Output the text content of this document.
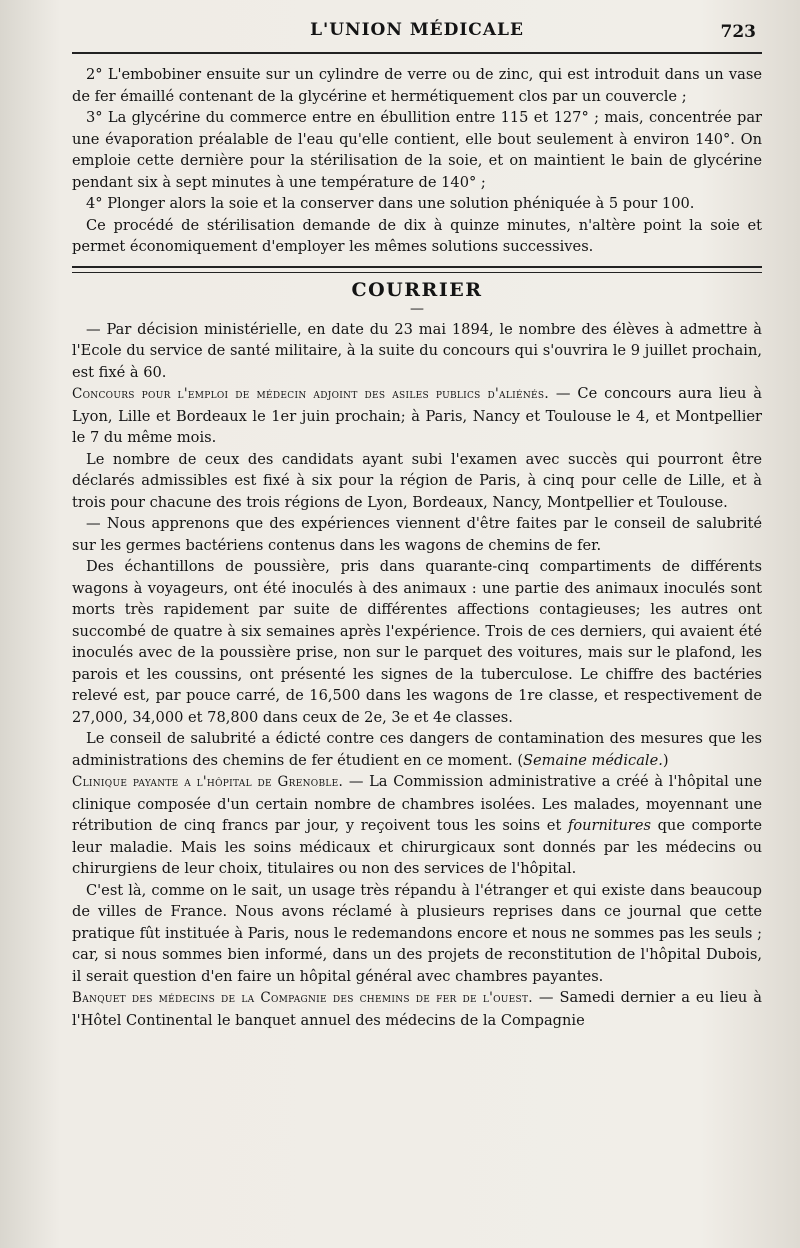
L'UNION MÉDICALE	723

2° L'embobiner ensuite sur un cylindre de verre ou de zinc, qui est introduit dans un vase de fer émaillé contenant de la glycérine et hermétiquement clos par un couvercle ;

3° La glycérine du commerce entre en ébullition entre 115 et 127° ; mais, concentrée par une évaporation préalable de l'eau qu'elle contient, elle bout seulement à environ 140°. On emploie cette dernière pour la stérilisation de la soie, et on maintient le bain de glycérine pendant six à sept minutes à une température de 140° ;

4° Plonger alors la soie et la conserver dans une solution phéniquée à 5 pour 100.

Ce procédé de stérilisation demande de dix à quinze minutes, n'altère point la soie et permet économiquement d'employer les mêmes solutions successives.

COURRIER
—

— Par décision ministérielle, en date du 23 mai 1894, le nombre des élèves à admettre à l'Ecole du service de santé militaire, à la suite du concours qui s'ouvrira le 9 juillet prochain, est fixé à 60.

Concours pour l'emploi de médecin adjoint des asiles publics d'aliénés. — Ce concours aura lieu à Lyon, Lille et Bordeaux le 1er juin prochain; à Paris, Nancy et Toulouse le 4, et Montpellier le 7 du même mois.

Le nombre de ceux des candidats ayant subi l'examen avec succès qui pourront être déclarés admissibles est fixé à six pour la région de Paris, à cinq pour celle de Lille, et à trois pour chacune des trois régions de Lyon, Bordeaux, Nancy, Montpellier et Toulouse.

— Nous apprenons que des expériences viennent d'être faites par le conseil de salubrité sur les germes bactériens contenus dans les wagons de chemins de fer.

Des échantillons de poussière, pris dans quarante-cinq compartiments de différents wagons à voyageurs, ont été inoculés à des animaux : une partie des animaux inoculés sont morts très rapidement par suite de différentes affections contagieuses; les autres ont succombé de quatre à six semaines après l'expérience. Trois de ces derniers, qui avaient été inoculés avec de la poussière prise, non sur le parquet des voitures, mais sur le plafond, les parois et les coussins, ont présenté les signes de la tuberculose. Le chiffre des bactéries relevé est, par pouce carré, de 16,500 dans les wagons de 1re classe, et respectivement de 27,000, 34,000 et 78,800 dans ceux de 2e, 3e et 4e classes.

Le conseil de salubrité a édicté contre ces dangers de contamination des mesures que les administrations des chemins de fer étudient en ce moment. (Semaine médicale.)

Clinique payante a l'hôpital de Grenoble. — La Commission administrative a créé à l'hôpital une clinique composée d'un certain nombre de chambres isolées. Les malades, moyennant une rétribution de cinq francs par jour, y reçoivent tous les soins et fournitures que comporte leur maladie. Mais les soins médicaux et chirurgicaux sont donnés par les médecins ou chirurgiens de leur choix, titulaires ou non des services de l'hôpital.

C'est là, comme on le sait, un usage très répandu à l'étranger et qui existe dans beaucoup de villes de France. Nous avons réclamé à plusieurs reprises dans ce journal que cette pratique fût instituée à Paris, nous le redemandons encore et nous ne sommes pas les seuls ; car, si nous sommes bien informé, dans un des projets de reconstitution de l'hôpital Dubois, il serait question d'en faire un hôpital général avec chambres payantes.

Banquet des médecins de la Compagnie des chemins de fer de l'ouest. — Samedi dernier a eu lieu à l'Hôtel Continental le banquet annuel des médecins de la Compagnie
